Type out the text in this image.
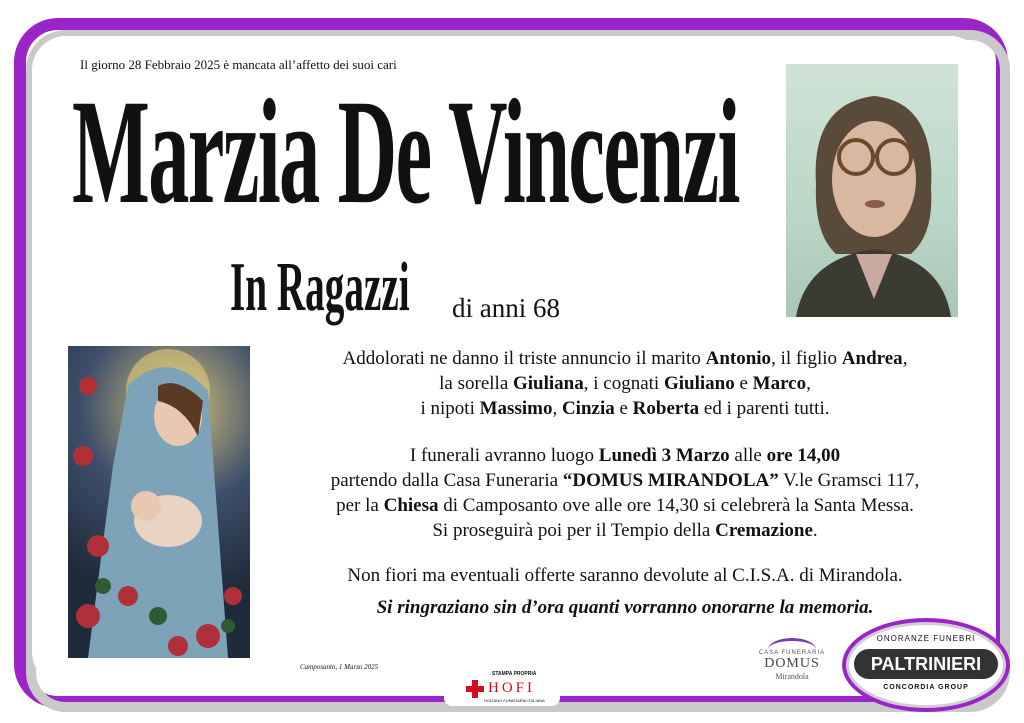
Il giorno 28 Febbraio 2025 è mancata all’affetto dei suoi cari
Marzia De Vincenzi
In Ragazzi di anni 68

Addolorati ne danno il triste annuncio il marito Antonio, il figlio Andrea,

la sorella Giuliana, i cognati Giuliano e Marco,

i nipoti Massimo, Cinzia e Roberta ed i parenti tutti.

I funerali avranno luogo Lunedì 3 Marzo alle ore 14,00

partendo dalla Casa Funeraria “DOMUS MIRANDOLA” V.le Gramsci 117,

per la Chiesa di Camposanto ove alle ore 14,30 si celebrerà la Santa Messa.

Si proseguirà poi per il Tempio della Cremazione.

Non fiori ma eventuali offerte saranno devolute al C.I.S.A. di Mirandola.

Si ringraziano sin d’ora quanti vorranno onorarne la memoria.

Camposanto, 1 Marzo 2025
STAMPA PROPRIA
HOFI
HOLDING FUNERARIA ITALIANA
CASA FUNERARIA
DOMUS
Mirandola
ONORANZE FUNEBRI
PALTRINIERI
CONCORDIA GROUP
